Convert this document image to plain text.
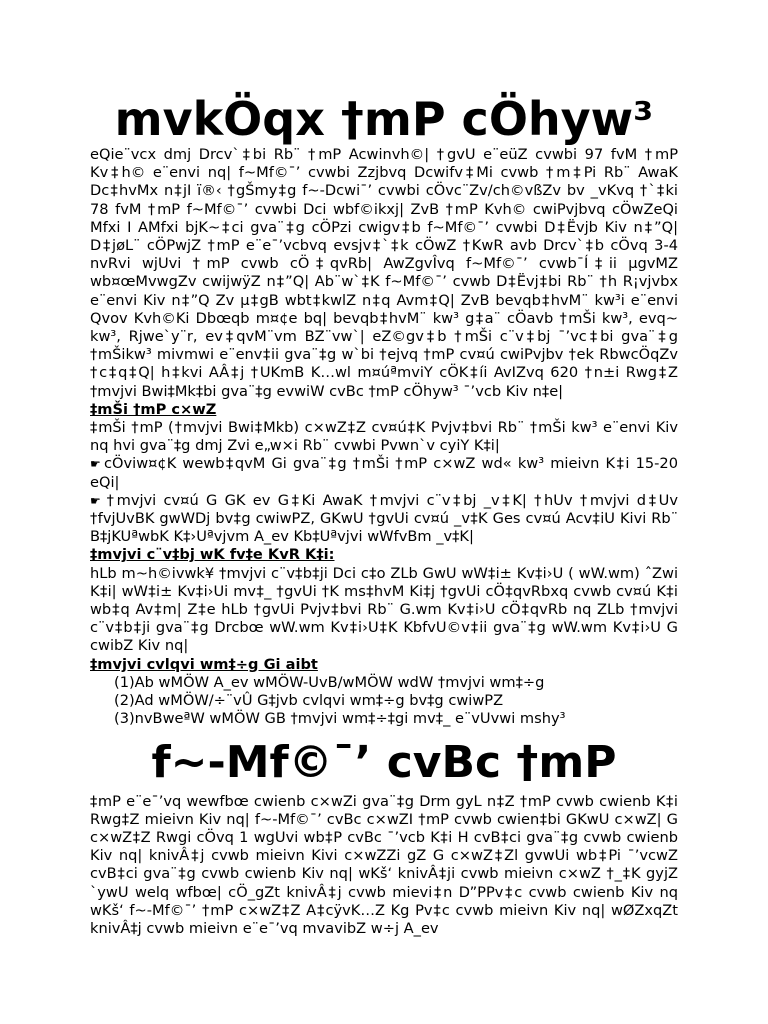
mvkÖqx †mP cÖhyw³

eQie¨vcx dmj Drcv`‡bi Rb¨ †mP Acwinvh©| †gvU e¨eüZ cvwbi 97 fvM †mP Kv‡h© e¨envi nq| f~Mf©¯’ cvwbi Zzjbvq Dcwifv‡Mi cvwb †m‡Pi Rb¨ AwaK Dc‡hvMx n‡jI ï®‹ †gŠmy‡g f~-Dcwi¯’ cvwbi cÖvc¨Zv/ch©vßZv bv _vKvq †`‡ki 78 fvM †mP f~Mf©¯’ cvwbi Dci wbf©ikxj| ZvB †mP Kvh© cwiPvjbvq cÖwZeQi Mfxi I AMfxi bjK~‡ci gva¨‡g cÖPzi cwigv‡b f~Mf©¯’ cvwbi D‡Ëvjb Kiv n‡”Q| D‡jøL¨ cÖPwjZ †mP e¨e¯’vcbvq evsjv‡`‡k cÖwZ †KwR avb Drcv`‡b cÖvq 3-4 nvRvi wjUvi †mP cvwb cÖ‡qvRb| AwZgvÎvq f~Mf©¯’ cvwb¯Í‡ii µgvMZ wb¤œMvwgZv cwijwÿZ n‡”Q| Ab¨w`‡K f~Mf©¯’ cvwb D‡Ëvj‡bi Rb¨ †h R¡vjvbx e¨envi Kiv n‡”Q Zv µ‡gB wbt‡kwlZ n‡q Avm‡Q| ZvB bevqb‡hvM¨ kw³i e¨envi Qvov Kvh©Ki Dbœqb m¤¢e bq| bevqb‡hvM¨ kw³ g‡a¨ cÖavb †mŠi kw³, evq~ kw³, Rjwe`y¨r, ev‡qvM¨vm BZ¨vw`| eZ©gv‡b †mŠi c¨v‡bj ¯’vc‡bi gva¨‡g †mŠikw³ mivmwi e¨env‡ii gva¨‡g w`bi †ejvq †mP cv¤ú cwiPvjbv †ek RbwcÖqZv †c‡q‡Q| h‡kvi AÂ‡j †UKmB K…wl m¤úªmviY cÖK‡íi AvIZvq 620 †n±i Rwg‡Z †mvjvi Bwi‡Mk‡bi gva¨‡g evwiW cvBc †mP cÖhyw³ ¯’vcb Kiv n‡e|

‡mŠi †mP c×wZ

‡mŠi †mP (†mvjvi Bwi‡Mkb) c×wZ‡Z cv¤ú‡K Pvjv‡bvi Rb¨ †mŠi kw³ e¨envi Kiv nq hvi gva¨‡g dmj Zvi e„w×i Rb¨ cvwbi Pvwn`v cyiY K‡i|

☛ cÖviw¤¢K wewb‡qvM Gi gva¨‡g †mŠi †mP c×wZ wd« kw³ mieivn K‡i 15-20 eQi|

☛ †mvjvi cv¤ú G GK ev G‡Ki AwaK †mvjvi c¨v‡bj _v‡K| †hUv †mvjvi d‡Uv †fvjUvBK gwWDj bv‡g cwiwPZ, GKwU †gvUi cv¤ú _v‡K Ges cv¤ú Acv‡iU Kivi Rb¨ B‡jKUªwbK K‡›Uªvjvm A_ev Kb‡Uªvjvi wWfvBm _v‡K|

‡mvjvi c¨v‡bj wK fv‡e KvR K‡i:

hLb m~h©ivwk¥ †mvjvi c¨v‡b‡ji Dci c‡o ZLb GwU wW‡i± Kv‡i›U ( wW.wm) ˆZwi K‡i| wW‡i± Kv‡i›Ui mv‡_ †gvUi †K ms‡hvM Ki‡j †gvUi cÖ‡qvRbxq cvwb cv¤ú K‡i wb‡q Av‡m| Z‡e hLb †gvUi Pvjv‡bvi Rb¨ G.wm Kv‡i›U cÖ‡qvRb nq ZLb †mvjvi c¨v‡b‡ji gva¨‡g Drcbœ wW.wm Kv‡i›U‡K KbfvU©v‡ii gva¨‡g wW.wm Kv‡i›U G cwibZ Kiv nq|

‡mvjvi cvlqvi wm‡÷g Gi aibt

(1)Ab wMÖW A_ev wMÖW-UvB/wMÖW wdW †mvjvi wm‡÷g
(2)Ad wMÖW/÷¨vÛ G‡jvb cvlqvi wm‡÷g bv‡g cwiwPZ
(3)nvBweªW wMÖW GB †mvjvi wm‡÷‡gi mv‡_ e¨vUvwi mshy³
f~-Mf©¯’ cvBc †mP

‡mP e¨e¯’vq wewfbœ cwienb c×wZi gva¨‡g Drm gyL n‡Z †mP cvwb cwienb K‡i Rwg‡Z mieivn Kiv nq| f~-Mf©¯’ cvBc c×wZI †mP cvwb cwien‡bi GKwU c×wZ| G c×wZ‡Z Rwgi cÖvq 1 wgUvi wb‡P cvBc ¯’vcb K‡i H cvB‡ci gva¨‡g cvwb cwienb Kiv nq| knivÂ‡j cvwb mieivn Kivi c×wZZi gZ G c×wZ‡Zl gvwUi wb‡Pi ¯’vcwZ cvB‡ci gva¨‡g cvwb cwienb Kiv nq| wKš‘ knivÂ‡ji cvwb mieivn c×wZ †_‡K gyjZ `ywU welq wfbœ| cÖ_gZt knivÂ‡j cvwb mievi‡n D”PPv‡c cvwb cwienb Kiv nq wKš‘ f~-Mf©¯’ †mP c×wZ‡Z A‡cÿvK…Z Kg Pv‡c cvwb mieivn Kiv nq| wØZxqZt knivÂ‡j cvwb mieivn e¨e¯’vq mvavibZ w÷j A_ev
